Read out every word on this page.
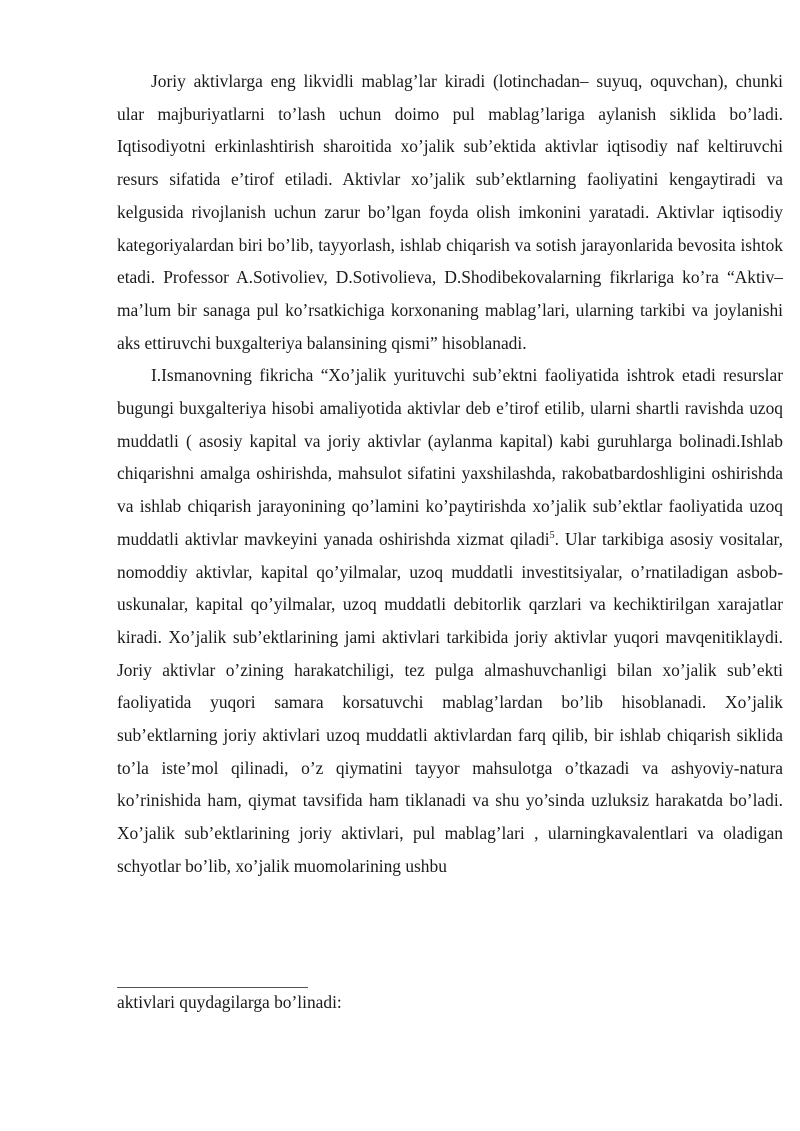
Joriy aktivlarga eng likvidli mablag’lar kiradi (lotinchadan– suyuq, oquvchan), chunki ular majburiyatlarni to’lash uchun doimo pul mablag’lariga aylanish siklida bo’ladi. Iqtisodiyotni erkinlashtirish sharoitida xo’jalik sub’ektida aktivlar iqtisodiy naf keltiruvchi resurs sifatida e’tirof etiladi. Aktivlar xo’jalik sub’ektlarning faoliyatini kengaytiradi va kelgusida rivojlanish uchun zarur bo’lgan foyda olish imkonini yaratadi. Aktivlar iqtisodiy kategoriyalardan biri bo’lib, tayyorlash, ishlab chiqarish va sotish jarayonlarida bevosita ishtok etadi. Professor A.Sotivoliev, D.Sotivolieva, D.Shodibekovalarning fikrlariga ko’ra “Aktiv– ma’lum bir sanaga pul ko’rsatkichiga korxonaning mablag’lari, ularning tarkibi va joylanishi aks ettiruvchi buxgalteriya balansining qismi” hisoblanadi.

I.Ismanovning fikricha “Xo’jalik yurituvchi sub’ektni faoliyatida ishtrok etadi resurslar bugungi buxgalteriya hisobi amaliyotida aktivlar deb e’tirof etilib, ularni shartli ravishda uzoq muddatli ( asosiy kapital va joriy aktivlar (aylanma kapital) kabi guruhlarga bolinadi.Ishlab chiqarishni amalga oshirishda, mahsulot sifatini yaxshilashda, rakobatbardoshligini oshirishda va ishlab chiqarish jarayonining qo’lamini ko’paytirishda xo’jalik sub’ektlar faoliyatida uzoq muddatli aktivlar mavkeyini yanada oshirishda xizmat qiladi$^5$. Ular tarkibiga asosiy vositalar, nomoddiy aktivlar, kapital qo’yilmalar, uzoq muddatli investitsiyalar, o’rnatiladigan asbob-uskunalar, kapital qo’yilmalar, uzoq muddatli debitorlik qarzlari va kechiktirilgan xarajatlar kiradi. Xo’jalik sub’ektlarining jami aktivlari tarkibida joriy aktivlar yuqori mavqenitiklaydi. Joriy aktivlar o’zining harakatchiligi, tez pulga almashuvchanligi bilan xo’jalik sub’ekti faoliyatida yuqori samara korsatuvchi mablag’lardan bo’lib hisoblanadi. Xo’jalik sub’ektlarning joriy aktivlari uzoq muddatli aktivlardan farq qilib, bir ishlab chiqarish siklida to’la iste’mol qilinadi, o’z qiymatini tayyor mahsulotga o’tkazadi va ashyoviy-natura ko’rinishida ham, qiymat tavsifida ham tiklanadi va shu yo’sinda uzluksiz harakatda bo’ladi. Xo’jalik sub’ektlarining joriy aktivlari, pul mablag’lari , ularningkavalentlari va oladigan schyotlar bo’lib, xo’jalik muomolarining ushbu

aktivlari quydagilarga bo’linadi:
